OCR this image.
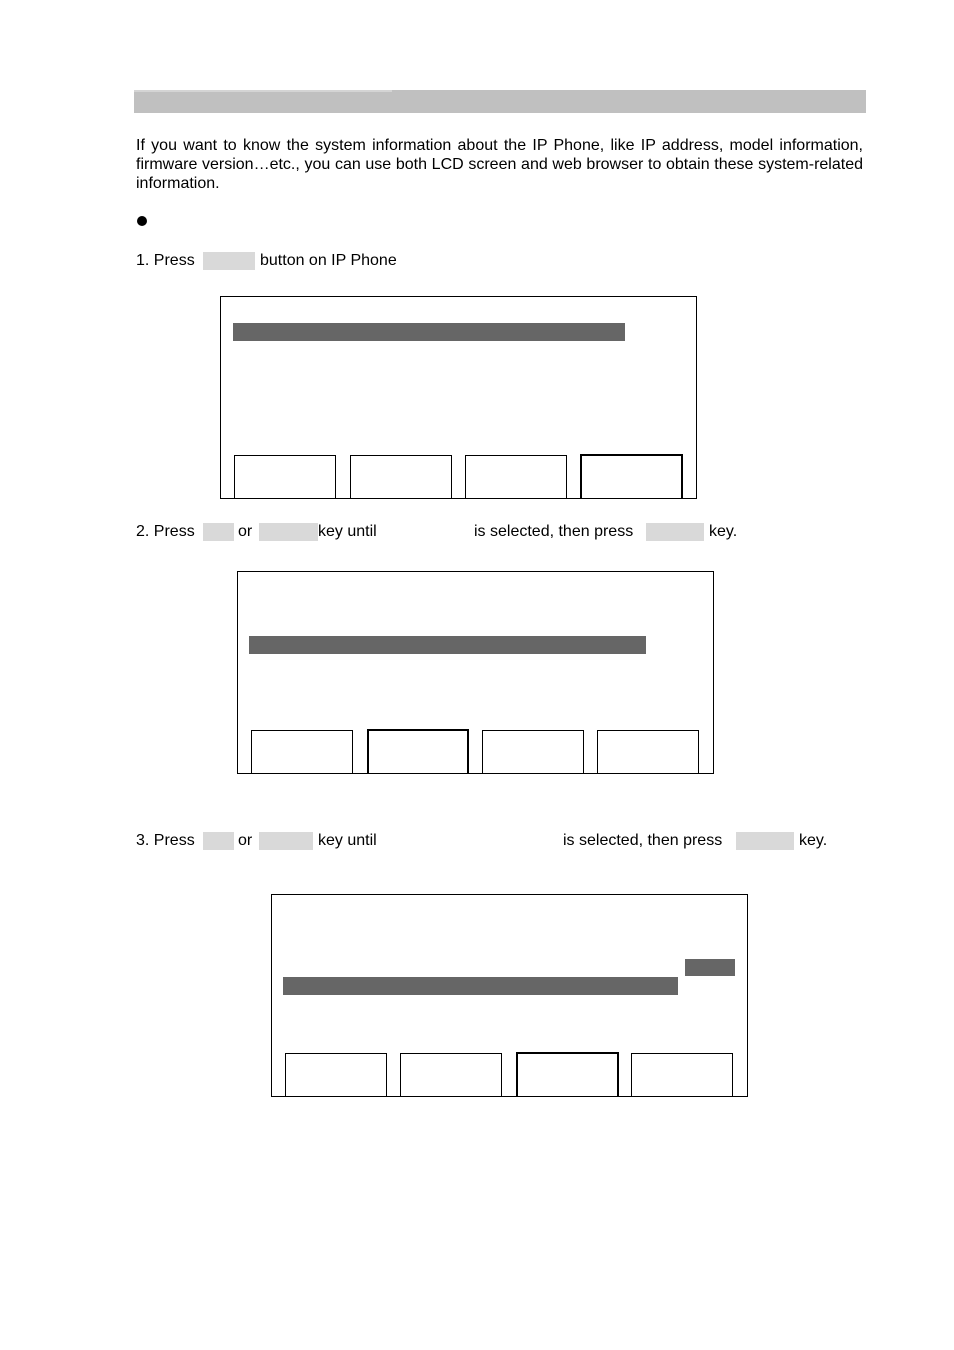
If you want to know the system information about the IP Phone, like IP address, model information, firmware version…etc., you can use both LCD screen and web browser to obtain these system-related information.
1. Press	button on IP Phone
2. Press	or	key until	is selected, then press	key.
3. Press	or	key until	is selected, then press	key.
